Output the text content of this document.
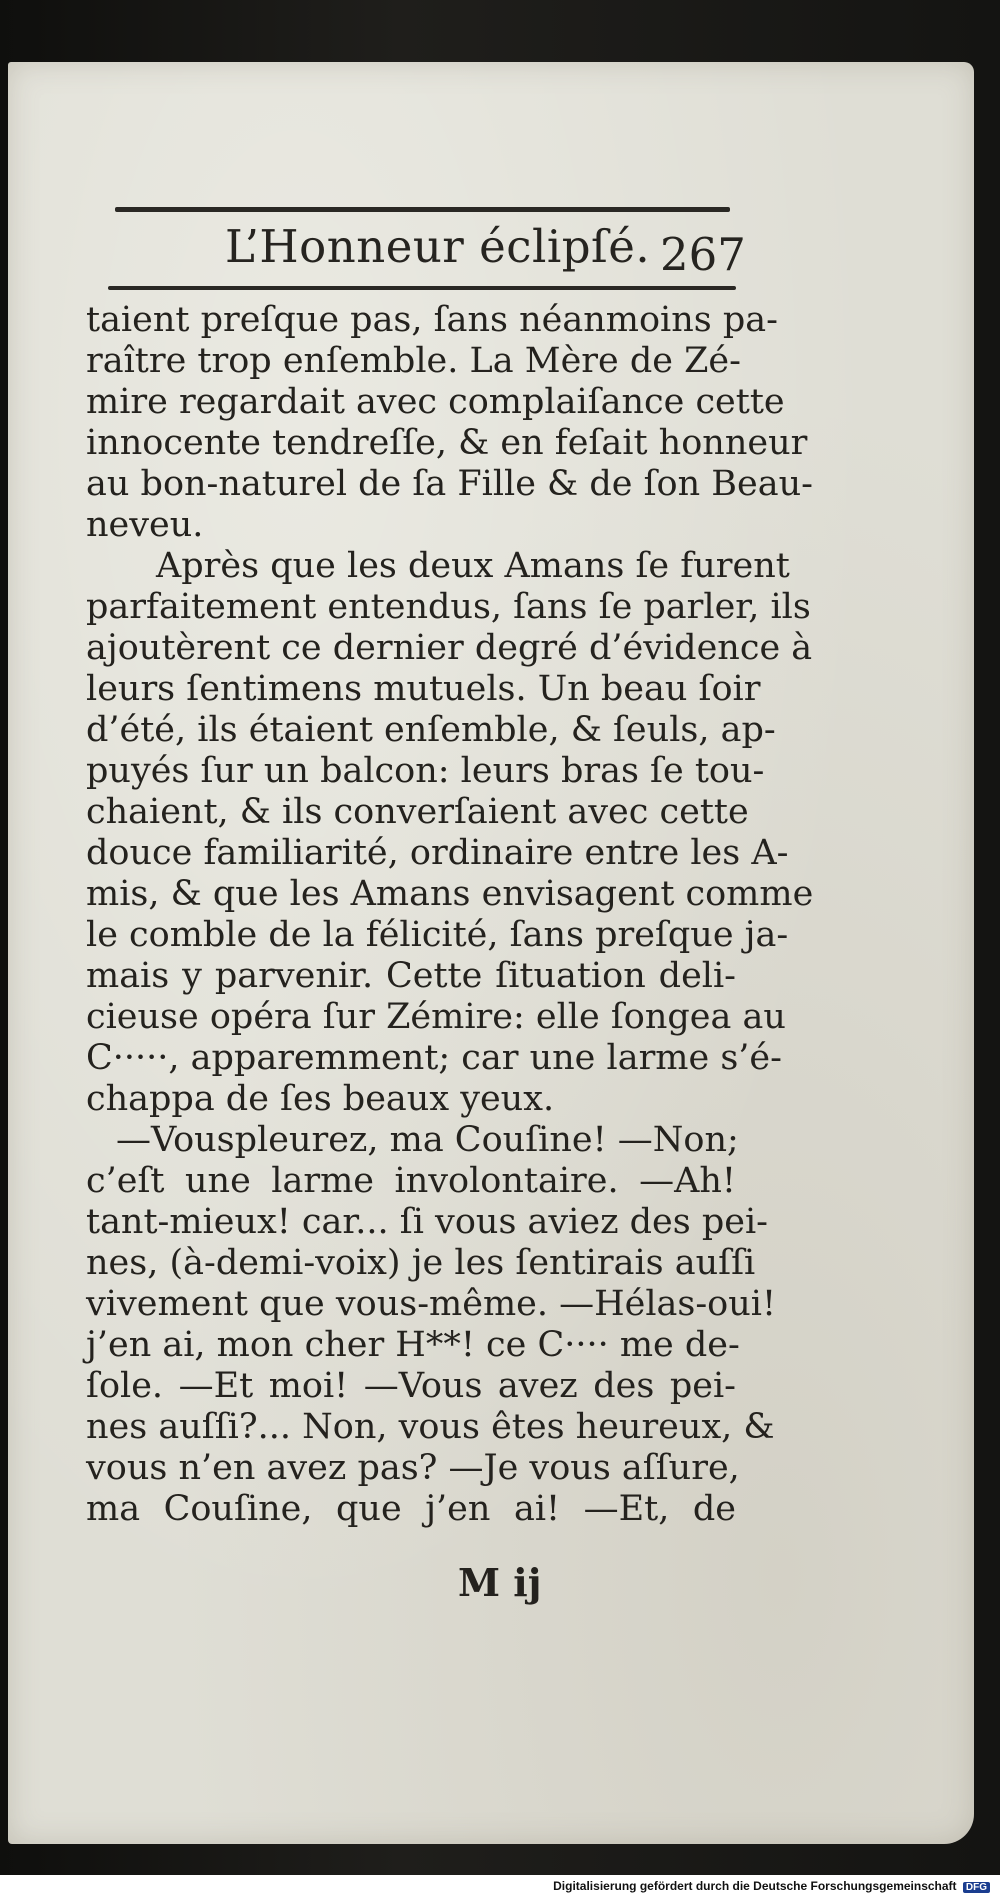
L’Honneur éclipſé. 267
taient preſque pas, ſans néanmoins pa-
raître trop enſemble. La Mère de Zé-
mire regardait avec complaiſance cette
innocente tendreſſe, & en feſait honneur
au bon-naturel de ſa Fille & de ſon Beau-
neveu.
Après que les deux Amans ſe furent
parfaitement entendus, ſans ſe parler, ils
ajoutèrent ce dernier degré d’évidence à
leurs ſentimens mutuels. Un beau ſoir
d’été, ils étaient enſemble, & ſeuls, ap-
puyés ſur un balcon: leurs bras ſe tou-
chaient, & ils converſaient avec cette
douce familiarité, ordinaire entre les A-
mis, & que les Amans envisagent comme
le comble de la félicité, ſans preſque ja-
mais y parvenir. Cette ſituation deli-
cieuse opéra ſur Zémire: elle ſongea au
C·····, apparemment; car une larme s’é-
chappa de ſes beaux yeux.
—Vouspleurez, ma Couſine! —Non;
c’eſt une larme involontaire. —Ah!
tant-mieux! car... ſi vous aviez des pei-
nes, (à-demi-voix) je les ſentirais auſſi
vivement que vous-même. —Hélas-oui!
j’en ai, mon cher H**! ce C···· me de-
ſole. —Et moi! —Vous avez des pei-
nes auſſi?... Non, vous êtes heureux, &
vous n’en avez pas? —Je vous aſſure,
ma Couſine, que j’en ai! —Et, de
M ij
Digitalisierung gefördert durch die Deutsche Forschungsgemeinschaft DFG
